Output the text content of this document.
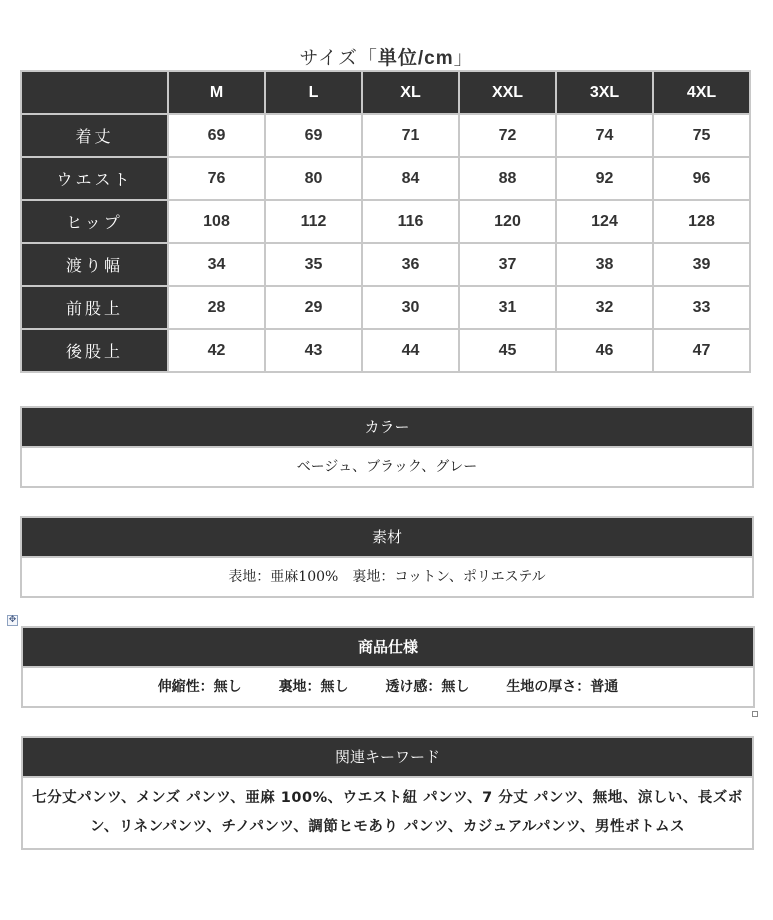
サイズ「単位/cm」
	M	L	XL	XXL	3XL	4XL
着丈	69	69	71	72	74	75
ウエスト	76	80	84	88	92	96
ヒップ	108	112	116	120	124	128
渡り幅	34	35	36	37	38	39
前股上	28	29	30	31	32	33
後股上	42	43	44	45	46	47
カラー
ベージュ、ブラック、グレー
素材
表地：亜麻100%　裏地：コットン、ポリエステル
✥
商品仕様
伸縮性：無し	裏地：無し	透け感：無し	生地の厚さ：普通
関連キーワード
七分丈パンツ、メンズ パンツ、亜麻 100%、ウエスト紐 パンツ、7 分丈 パンツ、無地、涼しい、長ズボン、リネンパンツ、チノパンツ、調節ヒモあり パンツ、カジュアルパンツ、男性ボトムス
